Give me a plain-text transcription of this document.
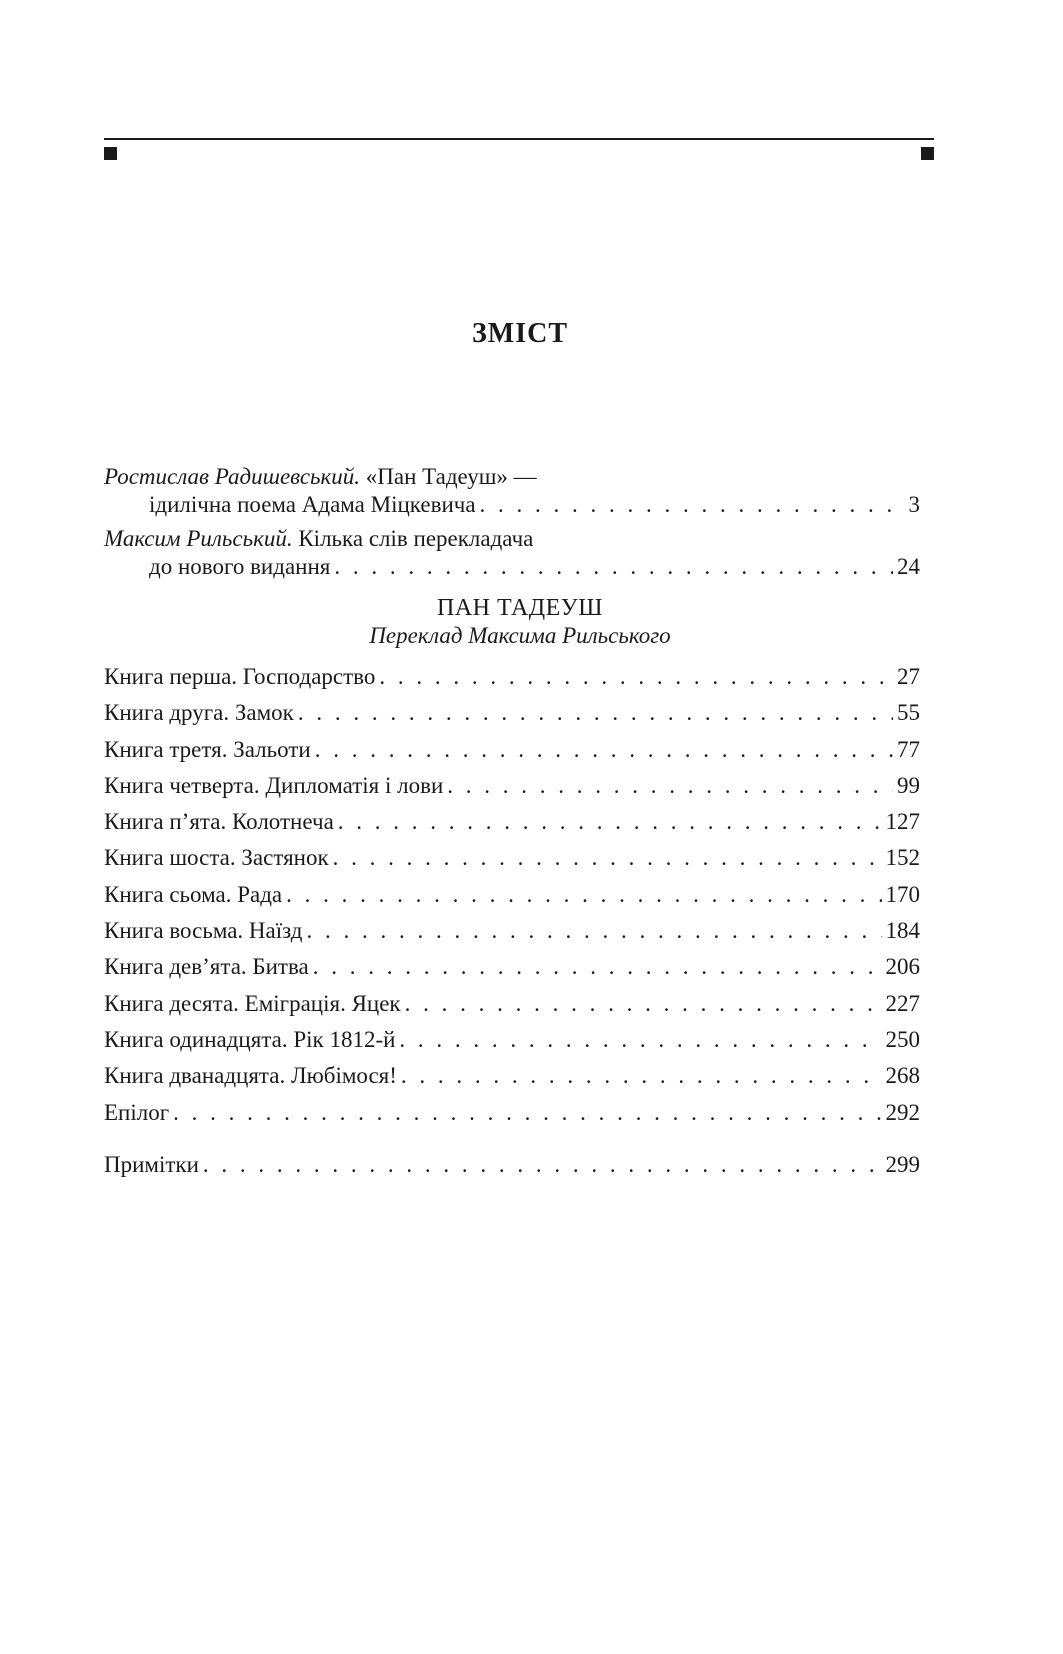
ЗМІСТ
Ростислав Радишевський. «Пан Тадеуш» —
ідилічна поема Адама Міцкевича . . .	3
Максим Рильський. Кілька слів перекладача
до нового видання . . .	24
ПАН ТАДЕУШ
Переклад Максима Рильського
Книга перша. Господарство . . .	27
Книга друга. Замок . . .	55
Книга третя. Зальоти . . .	77
Книга четверта. Дипломатія і лови . . .	99
Книга п’ята. Колотнеча . . .	127
Книга шоста. Застянок . . .	152
Книга сьома. Рада . . .	170
Книга восьма. Наїзд . . .	184
Книга дев’ята. Битва . . .	206
Книга десята. Еміграція. Яцек . . .	227
Книга одинадцята. Рік 1812-й . . .	250
Книга дванадцята. Любімося! . . .	268
Епілог . . .	292
Примітки . . .	299
